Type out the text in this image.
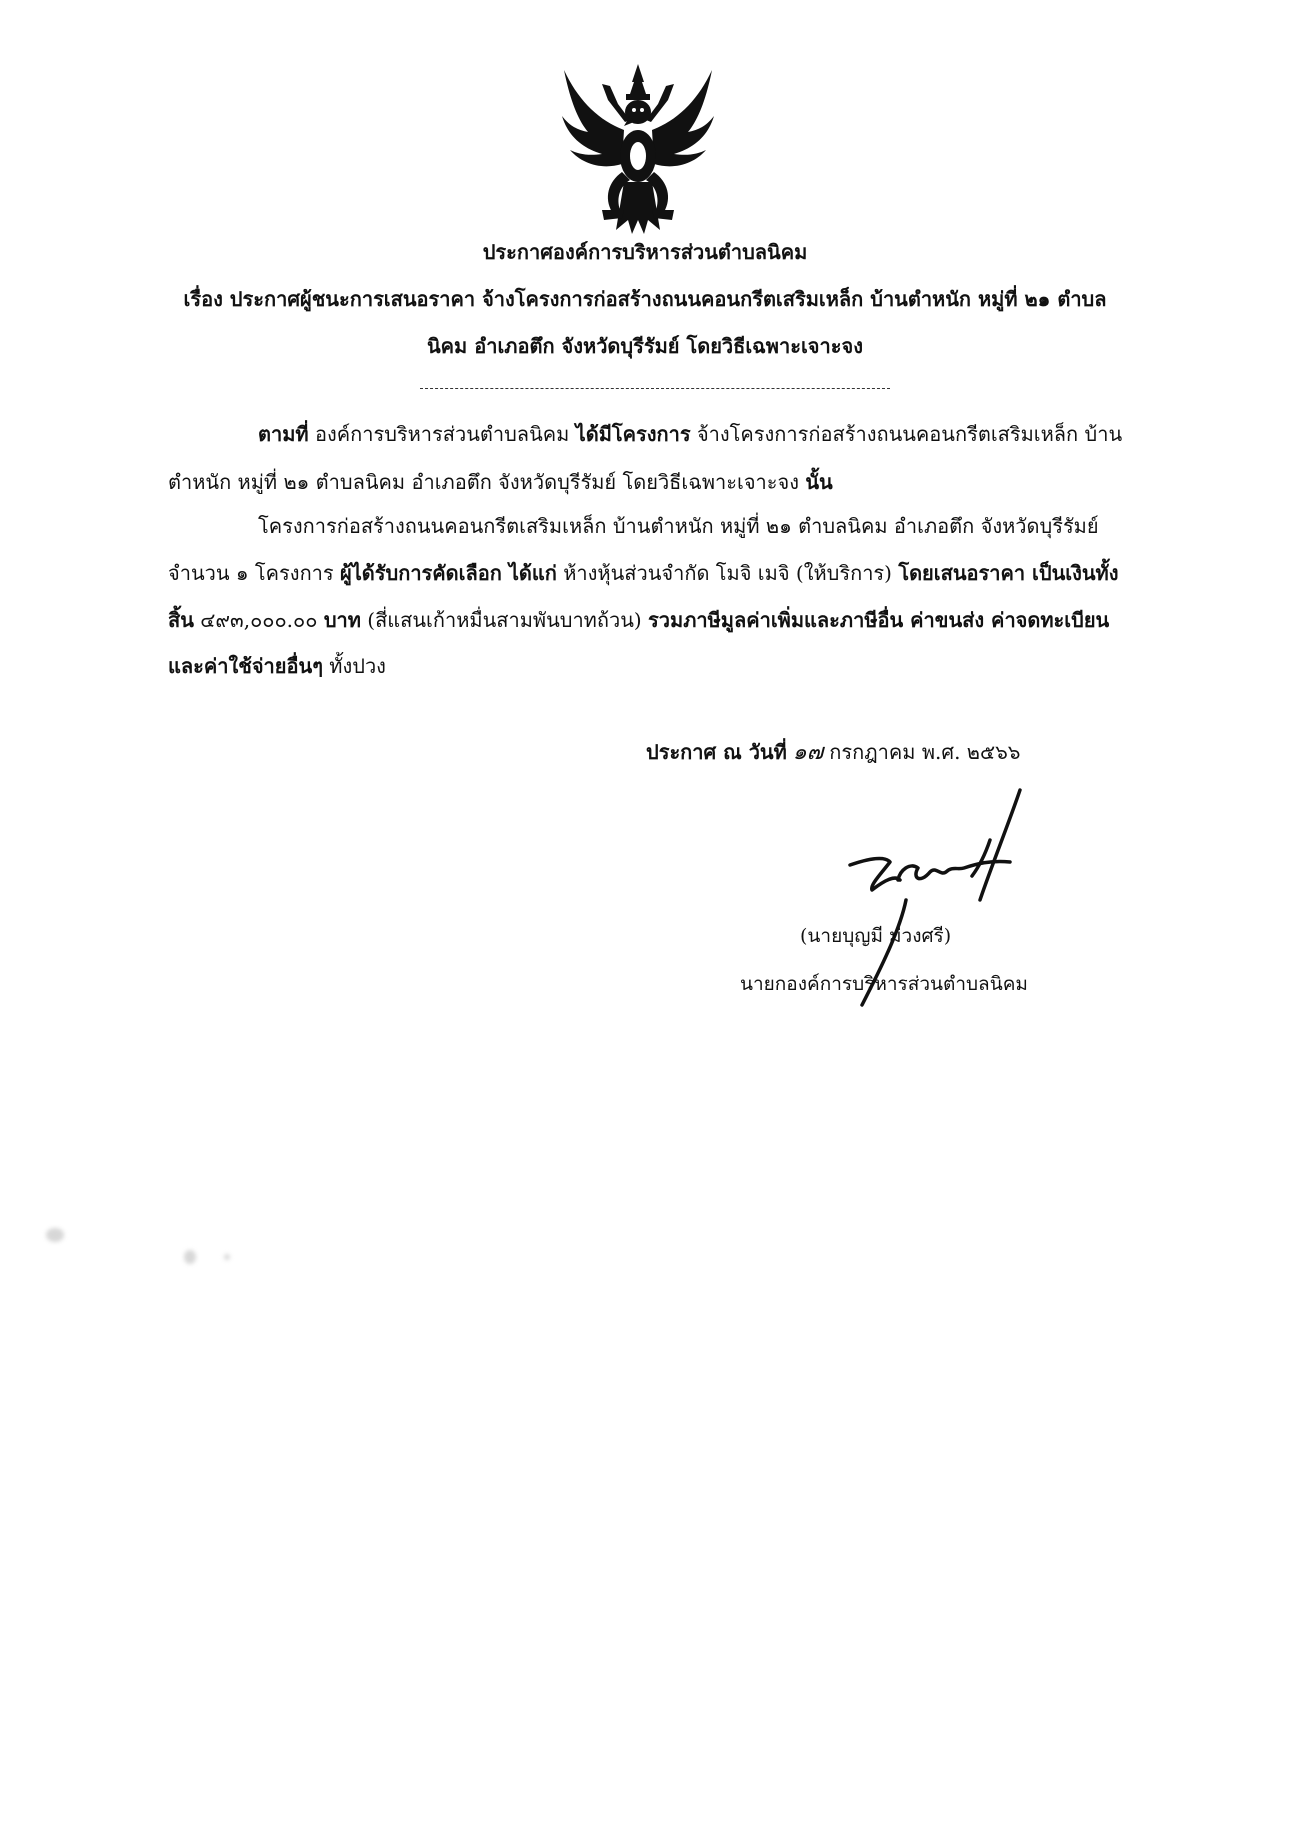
ประกาศองค์การบริหารส่วนตำบลนิคม
เรื่อง ประกาศผู้ชนะการเสนอราคา จ้างโครงการก่อสร้างถนนคอนกรีตเสริมเหล็ก บ้านตำหนัก หมู่ที่ ๒๑ ตำบล
นิคม อำเภอตึก จังหวัดบุรีรัมย์ โดยวิธีเฉพาะเจาะจง
ตามที่ องค์การบริหารส่วนตำบลนิคม ได้มีโครงการ จ้างโครงการก่อสร้างถนนคอนกรีตเสริมเหล็ก บ้าน
ตำหนัก หมู่ที่ ๒๑ ตำบลนิคม อำเภอตึก จังหวัดบุรีรัมย์ โดยวิธีเฉพาะเจาะจง นั้น
โครงการก่อสร้างถนนคอนกรีตเสริมเหล็ก บ้านตำหนัก หมู่ที่ ๒๑ ตำบลนิคม อำเภอตึก จังหวัดบุรีรัมย์
จำนวน ๑ โครงการ ผู้ได้รับการคัดเลือก ได้แก่ ห้างหุ้นส่วนจำกัด โมจิ เมจิ (ให้บริการ) โดยเสนอราคา เป็นเงินทั้ง
สิ้น ๔๙๓,๐๐๐.๐๐ บาท (สี่แสนเก้าหมื่นสามพันบาทถ้วน) รวมภาษีมูลค่าเพิ่มและภาษีอื่น ค่าขนส่ง ค่าจดทะเบียน
และค่าใช้จ่ายอื่นๆ ทั้งปวง
ประกาศ ณ วันที่ ๑๗ กรกฎาคม พ.ศ. ๒๕๖๖
(นายบุญมี ม่วงศรี)
นายกองค์การบริหารส่วนตำบลนิคม
